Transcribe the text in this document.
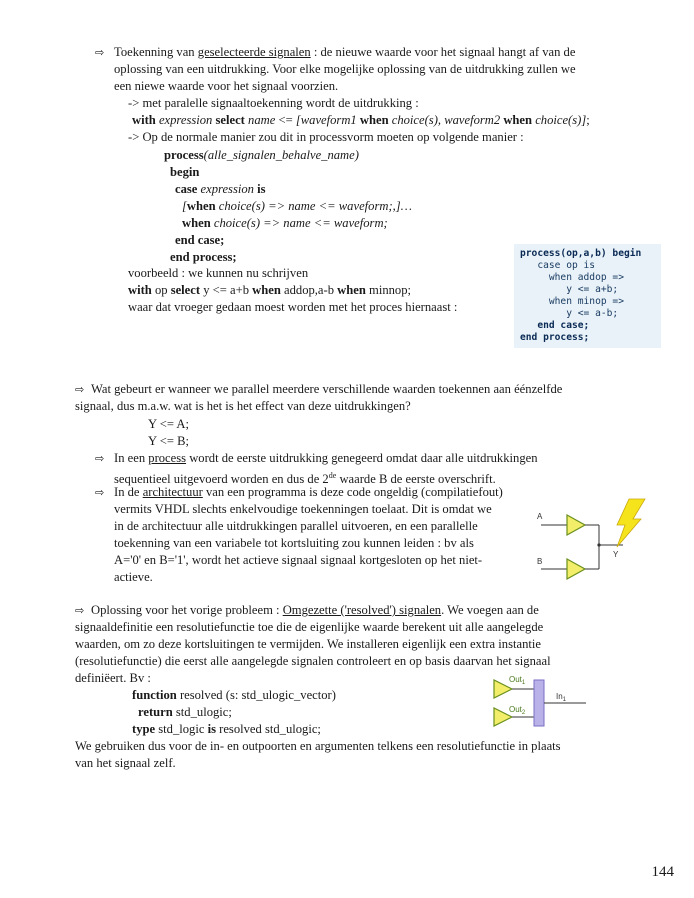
⇨ Toekenning van geselecteerde signalen : de nieuwe waarde voor het signaal hangt af van de
oplossing van een uitdrukking. Voor elke mogelijke oplossing van de uitdrukking zullen we
een niewe waarde voor het signaal voorzien.
-> met paralelle signaaltoekenning wordt de uitdrukking :
with expression select name <= [waveform1 when choice(s), waveform2 when choice(s)];
-> Op de normale manier zou dit in processvorm moeten op volgende manier :
process(alle_signalen_behalve_name)
begin
case expression is
[when choice(s) => name <= waveform;,]…
when choice(s) => name <= waveform;
end case;
end process;
voorbeeld : we kunnen nu schrijven
with op select y <= a+b when addop,a-b when minnop;
waar dat vroeger gedaan moest worden met het proces hiernaast :
process(op,a,b) begin
case op is
when addop =>
y <= a+b;
when minop =>
y <= a-b;
end case;
end process;
⇨ Wat gebeurt er wanneer we parallel meerdere verschillende waarden toekennen aan éénzelfde
signaal, dus m.a.w. wat is het is het effect van deze uitdrukkingen?
Y <= A;
Y <= B;
⇨ In een process wordt de eerste uitdrukking genegeerd omdat daar alle uitdrukkingen
sequentieel uitgevoerd worden en dus de 2de waarde B de eerste overschrift.
⇨ In de architectuur van een programma is deze code ongeldig (compilatiefout)
vermits VHDL slechts enkelvoudige toekenningen toelaat. Dit is omdat we
in de architectuur alle uitdrukkingen parallel uitvoeren, en een parallelle
toekenning van een variabele tot kortsluiting zou kunnen leiden : bv als
A='0' en B='1', wordt het actieve signaal signaal kortgesloten op het niet-
actieve.
A
B
Y
⇨ Oplossing voor het vorige probleem : Omgezette ('resolved') signalen. We voegen aan de
signaaldefinitie een resolutiefunctie toe die de eigenlijke waarde berekent uit alle aangelegde
waarden, om zo deze kortsluitingen te vermijden. We installeren eigenlijk een extra instantie
(resolutiefunctie) die eerst alle aangelegde signalen controleert en op basis daarvan het signaal
definiëert. Bv :
function resolved (s: std_ulogic_vector)
return std_ulogic;
type std_logic is resolved std_ulogic;
We gebruiken dus voor de in- en outpoorten en argumenten telkens een resolutiefunctie in plaats
van het signaal zelf.
Out$_1$
Out$_2$
$In_1$
144
